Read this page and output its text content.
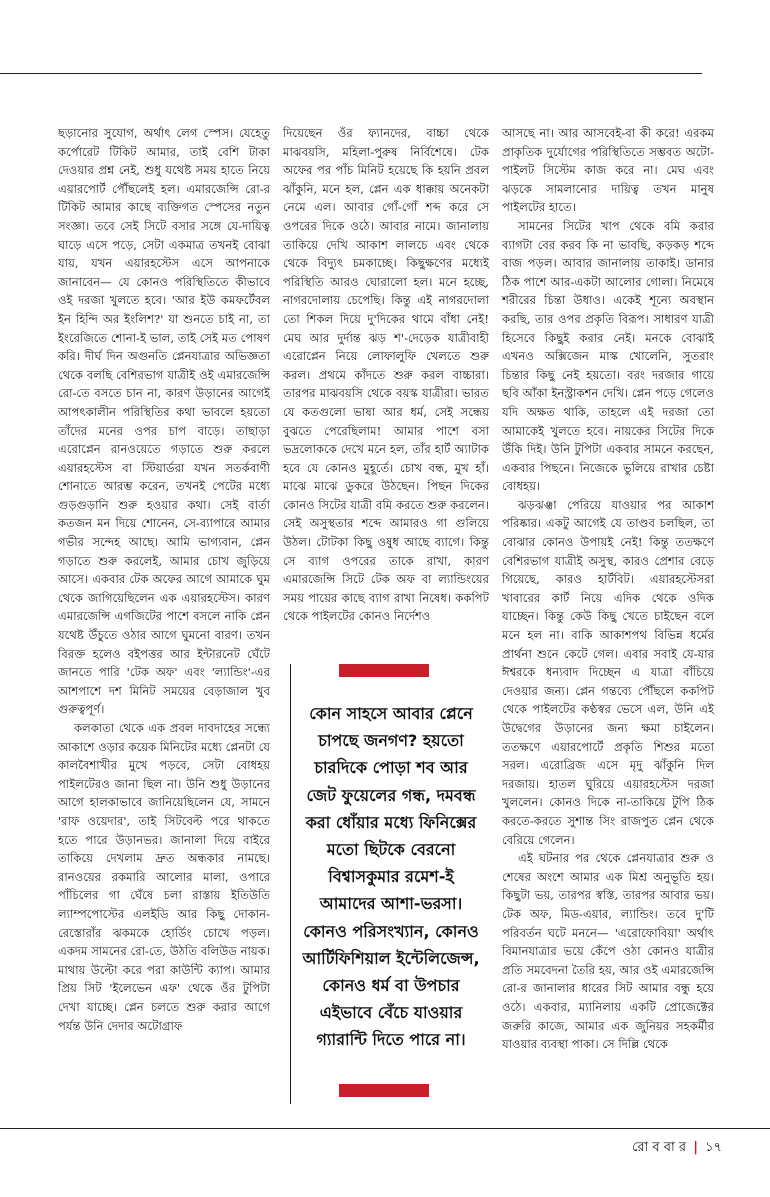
ছড়ানোর সুযোগ, অর্থাৎ লেগ স্পেস। যেহেতু কর্পোরেট টিকিট আমার, তাই বেশি টাকা দেওয়ার প্রশ্ন নেই, শুধু যথেষ্ট সময় হাতে নিয়ে এয়ারপোর্ট পৌঁছলেই হল। এমারজেন্সি রো-র টিকিট আমার কাছে ব্যক্তিগত স্পেসের নতুন সংজ্ঞা। তবে সেই সিটে বসার সঙ্গে যে-দায়িত্ব ঘাড়ে এসে পড়ে, সেটা একমাত্র তখনই বোঝা যায়, যখন এয়ারহস্টেস এসে আপনাকে জানাবেন— যে কোনও পরিস্থিতিতে কীভাবে ওই দরজা খুলতে হবে। 'আর ইউ কমফর্টেবল ইন হিন্দি অর ইংলিশ?' যা শুনতে চাই না, তা ইংরেজিতে শোনা-ই ভাল, তাই সেই মত পোষণ করি। দীর্ঘ দিন অগুনতি প্লেনযাত্রার অভিজ্ঞতা থেকে বলছি বেশিরভাগ যাত্রীই ওই এমারজেন্সি রো-তে বসতে চান না, কারণ উড়ানের আগেই আপৎকালীন পরিস্থিতির কথা ভাবলে হয়তো তাঁদের মনের ওপর চাপ বাড়ে। তাছাড়া এরোপ্লেন রানওয়েতে গড়াতে শুরু করলে এয়ারহস্টেস বা স্টিয়ার্ডরা যখন সতর্কবাণী শোনাতে আরম্ভ করেন, তখনই পেটের মধ্যে গুড়গুড়ানি শুরু হওয়ার কথা। সেই বার্তা কতজন মন দিয়ে শোনেন, সে-ব্যাপারে আমার গভীর সন্দেহ আছে। আমি ভাগ্যবান, প্লেন গড়াতে শুরু করলেই, আমার চোখ জুড়িয়ে আসে। একবার টেক অফের আগে আমাকে ঘুম থেকে জাগিয়েছিলেন এক এয়ারহস্টেস। কারণ এমারজেন্সি এগজিটের পাশে বসলে নাকি প্লেন যথেষ্ট উঁচুতে ওঠার আগে ঘুমনো বারণ। তখন বিরক্ত হলেও বইপত্তর আর ইন্টারনেট ঘেঁটে জানতে পারি 'টেক অফ' এবং 'ল্যান্ডিং'-এর আশপাশে দশ মিনিট সময়ের বেড়াজাল খুব গুরুত্বপূর্ণ।

কলকাতা থেকে এক প্রবল দাবদাহের সন্ধ্যে আকাশে ওড়ার কয়েক মিনিটের মধ্যে প্লেনটা যে কালবৈশাখীর মুখে পড়বে, সেটা বোধহয় পাইলটেরও জানা ছিল না। উনি শুধু উড়ানের আগে হালকাভাবে জানিয়েছিলেন যে, সামনে 'রাফ ওয়েদার', তাই সিটবেল্ট পরে থাকতে হতে পারে উড়ানভর। জানালা দিয়ে বাইরে তাকিয়ে দেখলাম দ্রুত অন্ধকার নামছে। রানওয়ের রকমারি আলোর মালা, ওপারে পাঁচিলের গা ঘেঁষে চলা রাস্তায় ইতিউতি ল্যাম্পপোস্টের এলইডি আর কিছু দোকান-রেস্তোরাঁর ঝকমকে হোর্ডিং চোখে পড়ল। একদম সামনের রো-তে, উঠতি বলিউড নায়ক। মাথায় উল্টো করে পরা কাউন্টি ক্যাপ। আমার প্রিয় সিট 'ইলেভেন এফ' থেকে ওঁর টুপিটা দেখা যাচ্ছে। প্লেন চলতে শুরু করার আগে পর্যন্ত উনি দেদার অটোগ্রাফ

দিয়েছেন ওঁর ফ্যানদের, বাচ্চা থেকে মাঝবয়সি, মহিলা-পুরুষ নির্বিশেষে। টেক অফের পর পাঁচ মিনিট হয়েছে কি হয়নি প্রবল ঝাঁকুনি, মনে হল, প্লেন এক ধাক্কায় অনেকটা নেমে এল। আবার গোঁ-গোঁ শব্দ করে সে ওপরের দিকে ওঠে। আবার নামে। জানালায় তাকিয়ে দেখি আকাশ লালচে এবং থেকে থেকে বিদ্যুৎ চমকাচ্ছে। কিছুক্ষণের মধ্যেই পরিস্থিতি আরও ঘোরালো হল। মনে হচ্ছে, নাগরদোলায় চেপেছি। কিন্তু এই নাগরদোলা তো শিকল দিয়ে দু'দিকের থামে বাঁধা নেই! মেঘ আর দুর্দান্ত ঝড় শ'-দেড়েক যাত্রীবাহী এরোপ্লেন নিয়ে লোফালুফি খেলতে শুরু করল। প্রথমে কাঁদতে শুরু করল বাচ্চারা। তারপর মাঝবয়সি থেকে বয়স্ক যাত্রীরা। ভারত যে কতগুলো ভাষা আর ধর্ম, সেই সন্ধেয় বুঝতে পেরেছিলাম! আমার পাশে বসা ভদ্রলোককে দেখে মনে হল, তাঁর হার্ট অ্যাটাক হবে যে কোনও মুহূর্তে। চোখ বন্ধ, মুখ হাঁ। মাঝে মাঝে ডুকরে উঠছেন। পিছন দিকের কোনও সিটের যাত্রী বমি করতে শুরু করলেন। সেই অসুস্থতার শব্দে আমারও গা গুলিয়ে উঠল। টোটকা কিছু ওষুধ আছে ব্যাগে। কিন্তু সে ব্যাগ ওপরের তাকে রাখা, কারণ এমারজেন্সি সিটে টেক অফ বা ল্যান্ডিংয়ের সময় পায়ের কাছে ব্যাগ রাখা নিষেধ। ককপিট থেকে পাইলটের কোনও নির্দেশও

কোন সাহসে আবার প্লেনে চাপছে জনগণ? হয়তো চারদিকে পোড়া শব আর জেট ফুয়েলের গন্ধ, দমবন্ধ করা ধোঁয়ার মধ্যে ফিনিক্সের মতো ছিটকে বেরনো বিশ্বাসকুমার রমেশ-ই আমাদের আশা-ভরসা। কোনও পরিসংখ্যান, কোনও আর্টিফিশিয়াল ইন্টেলিজেন্স, কোনও ধর্ম বা উপচার এইভাবে বেঁচে যাওয়ার গ্যারান্টি দিতে পারে না।

আসছে না। আর আসবেই-বা কী করে! এরকম প্রাকৃতিক দুর্যোগের পরিস্থিতিতে সম্ভবত অটো-পাইলট সিস্টেম কাজ করে না। মেঘ এবং ঝড়কে সামলানোর দায়িত্ব তখন মানুষ পাইলটের হাতে।

সামনের সিটের খাপ থেকে বমি করার ব্যাগটা বের করব কি না ভাবছি, কড়কড় শব্দে বাজ পড়ল। আবার জানালায় তাকাই। ডানার ঠিক পাশে আর-একটা আলোর গোলা। নিমেষে শরীরের চিন্তা উধাও। একেই শূন্যে অবস্থান করছি, তার ওপর প্রকৃতি বিরূপ। সাধারণ যাত্রী হিসেবে কিছুই করার নেই। মনকে বোঝাই এখনও অক্সিজেন মাস্ক খোলেনি, সুতরাং চিন্তার কিছু নেই হয়তো। বরং দরজার গায়ে ছবি আঁকা ইনস্ট্রাকশন দেখি। প্লেন পড়ে গেলেও যদি অক্ষত থাকি, তাহলে এই দরজা তো আমাকেই খুলতে হবে। নায়কের সিটের দিকে উঁকি দিই। উনি টুপিটা একবার সামনে করছেন, একবার পিছনে। নিজেকে ভুলিয়ে রাখার চেষ্টা বোধহয়।

ঝড়ঝঞ্ঝা পেরিয়ে যাওয়ার পর আকাশ পরিষ্কার। একটু আগেই যে তাণ্ডব চলছিল, তা বোঝার কোনও উপায়ই নেই! কিন্তু ততক্ষণে বেশিরভাগ যাত্রীই অসুস্থ, কারও প্রেশার বেড়ে গিয়েছে, কারও হার্টবিট। এয়ারহস্টেসরা খাবারের কার্ট নিয়ে এদিক থেকে ওদিক যাচ্ছেন। কিন্তু কেউ কিছু খেতে চাইছেন বলে মনে হল না। বাকি আকাশপথ বিভিন্ন ধর্মের প্রার্থনা শুনে কেটে গেল। এবার সবাই যে-যার ঈশ্বরকে ধন্যবাদ দিচ্ছেন এ যাত্রা বাঁচিয়ে দেওয়ার জন্য। প্লেন গন্তব্যে পৌঁছলে ককপিট থেকে পাইলটের কণ্ঠস্বর ভেসে এল, উনি এই উদ্বেগের উড়ানের জন্য ক্ষমা চাইলেন। ততক্ষণে এয়ারপোর্টে প্রকৃতি শিশুর মতো সরল। এরোব্রিজ এসে মৃদু ঝাঁকুনি দিল দরজায়। হাতল ঘুরিয়ে এয়ারহস্টেস দরজা খুললেন। কোনও দিকে না-তাকিয়ে টুপি ঠিক করতে-করতে সুশান্ত সিং রাজপুত প্লেন থেকে বেরিয়ে গেলেন।

এই ঘটনার পর থেকে প্লেনযাত্রার শুরু ও শেষের অংশে আমার এক মিশ্র অনুভূতি হয়। কিছুটা ভয়, তারপর স্বস্তি, তারপর আবার ভয়। টেক অফ, মিড-এয়ার, ল্যান্ডিং। তবে দু'টি পরিবর্তন ঘটে মননে— 'এরোফোবিয়া' অর্থাৎ বিমানযাত্রার ভয়ে কেঁপে ওঠা কোনও যাত্রীর প্রতি সমবেদনা তৈরি হয়, আর ওই এমারজেন্সি রো-র জানালার ধারের সিট আমার বন্ধু হয়ে ওঠে। একবার, ম্যানিলায় একটি প্রোজেক্টের জরুরি কাজে, আমার এক জুনিয়র সহকর্মীর যাওয়ার ব্যবস্থা পাকা। সে দিল্লি থেকে

রো ব বা র | ১৭
